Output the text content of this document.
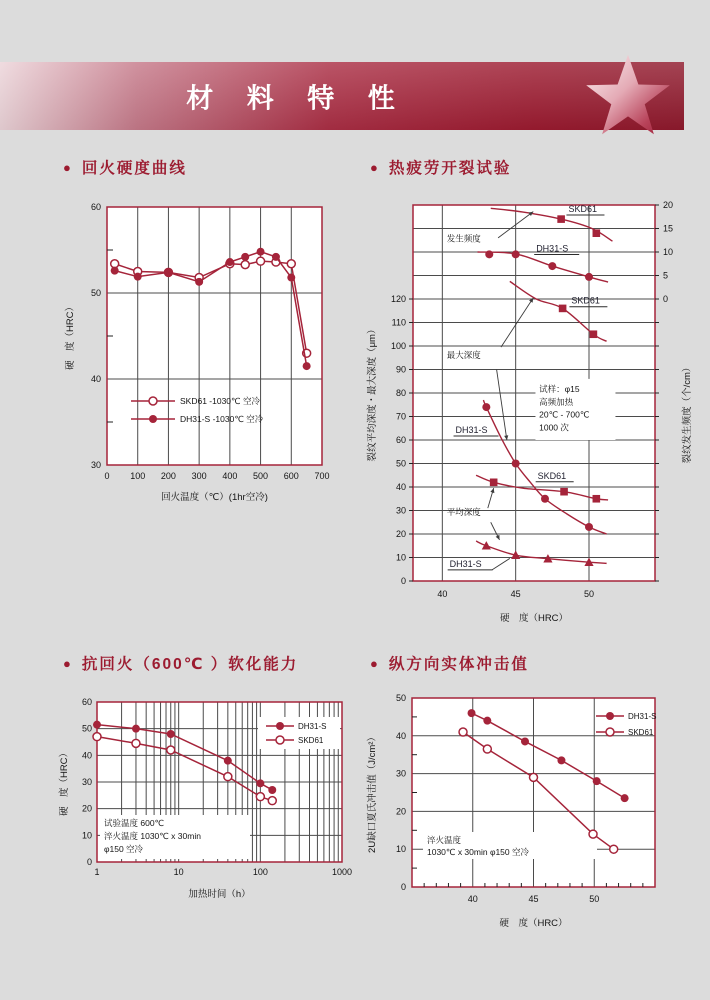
材 料 特 性
● 回火硬度曲线
30
40
50
60
0 100 200 300 400 500 600 700
回火温度（℃）(1hr空冷)
硬　度（HRC）
SKD61 ‐1030℃ 空冷
DH31-S ‐1030℃ 空冷
● 热疲劳开裂试验
0
10
20
30
40
50
60
70
80
90
100
110
120	0
5
10
15
20
40	45	50
硬　度（HRC）
裂纹平均深度・最大深度（μm）	裂纹发生频度（个/cm）
试样：φ15
高频加热
20℃ - 700℃
1000 次
SKD61
DH31-S
SKD61
DH31-S
SKD61
DH31-S
发生频度
最大深度
平均深度
● 抗回火（600℃ ）软化能力
0
10
20
30
40
50
60
1	10	100	1000
加热时间（h）
硬　度（HRC）
试验温度 600℃
淬火温度 1030℃ x 30min
φ150 空冷
DH31-S
SKD61
● 纵方向实体冲击值
0
10
20
30
40
50
40	45	50
硬　度（HRC）
2U缺口夏氏冲击值（J/cm²）	淬火温度
1030℃ x 30min φ150 空冷
DH31-S
SKD61
